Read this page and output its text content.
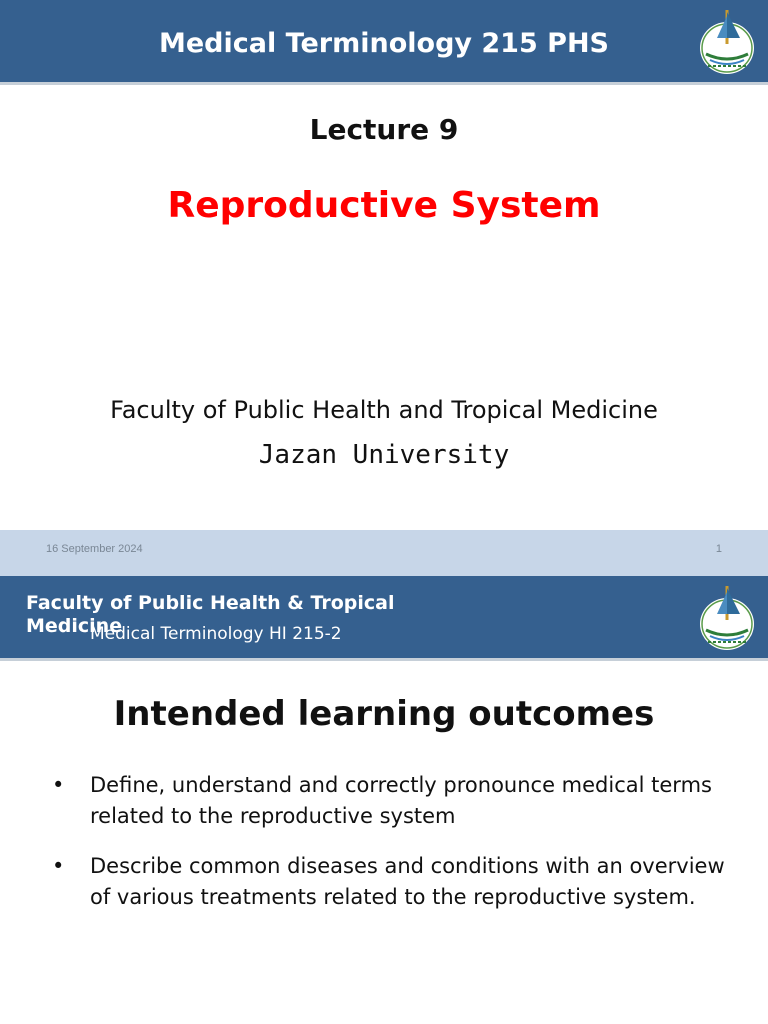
Medical Terminology 215 PHS
Lecture 9
Reproductive System
Faculty of Public Health and Tropical Medicine
Jazan University
16 September 2024	1
Faculty of Public Health & Tropical Medicine
Medical Terminology HI 215-2
Intended learning outcomes
• Define, understand and correctly pronounce medical terms related to the reproductive system
• Describe common diseases and conditions with an overview of various treatments related to the reproductive system.
